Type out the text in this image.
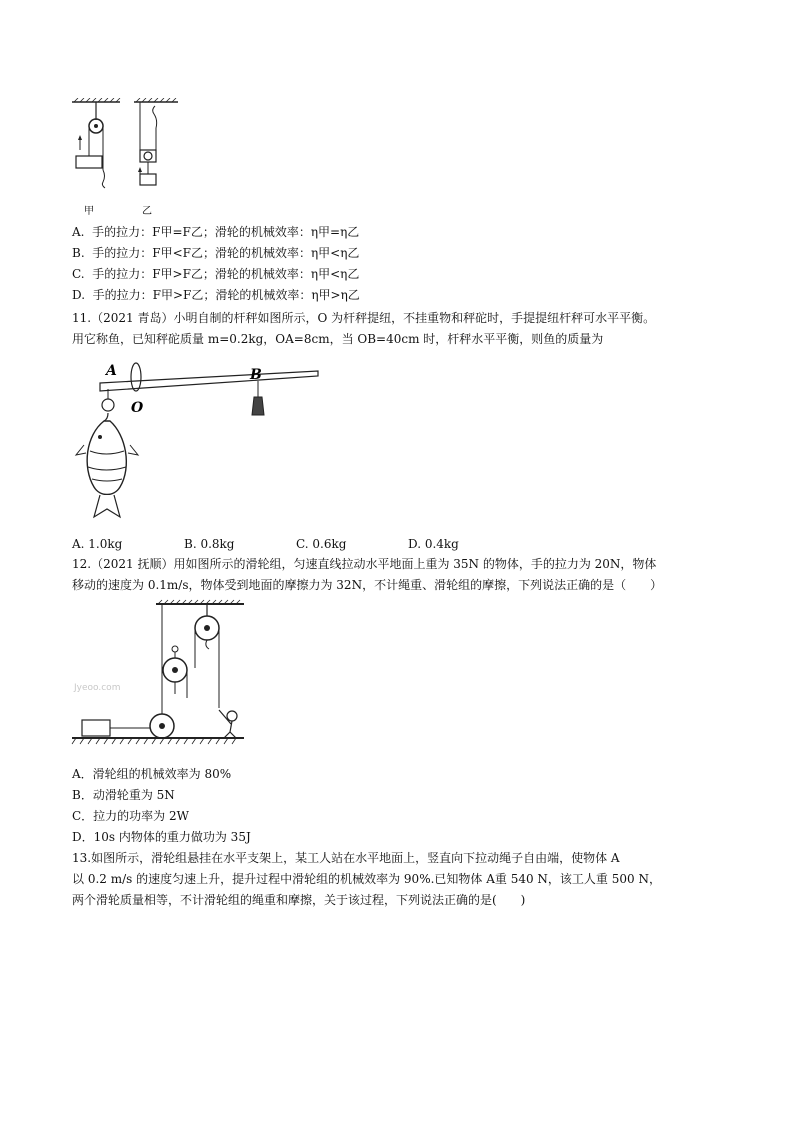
甲	乙
A. 手的拉力：F甲=F乙；滑轮的机械效率：η甲=η乙
B. 手的拉力：F甲<F乙；滑轮的机械效率：η甲<η乙
C. 手的拉力：F甲>F乙；滑轮的机械效率：η甲<η乙
D. 手的拉力：F甲>F乙；滑轮的机械效率：η甲>η乙
11.（2021 青岛）小明自制的杆秤如图所示，O 为杆秤提纽，不挂重物和秤砣时，手提提纽杆秤可水平平衡。
用它称鱼，已知秤砣质量 m=0.2kg，OA=8cm，当 OB=40cm 时，杆秤水平平衡，则鱼的质量为
A
O
B
A. 1.0kg	B. 0.8kg	C. 0.6kg	D. 0.4kg
12.（2021 抚顺）用如图所示的滑轮组，匀速直线拉动水平地面上重为 35N 的物体，手的拉力为 20N，物体
移动的速度为 0.1m/s，物体受到地面的摩擦力为 32N，不计绳重、滑轮组的摩擦，下列说法正确的是（　　）
Jyeoo.com
A．滑轮组的机械效率为 80%
B．动滑轮重为 5N
C．拉力的功率为 2W
D．10s 内物体的重力做功为 35J
13.如图所示，滑轮组悬挂在水平支架上，某工人站在水平地面上，竖直向下拉动绳子自由端，使物体 A
以 0.2 m/s 的速度匀速上升，提升过程中滑轮组的机械效率为 90%.已知物体 A重 540 N，该工人重 500 N，
两个滑轮质量相等，不计滑轮组的绳重和摩擦，关于该过程，下列说法正确的是(　　)
